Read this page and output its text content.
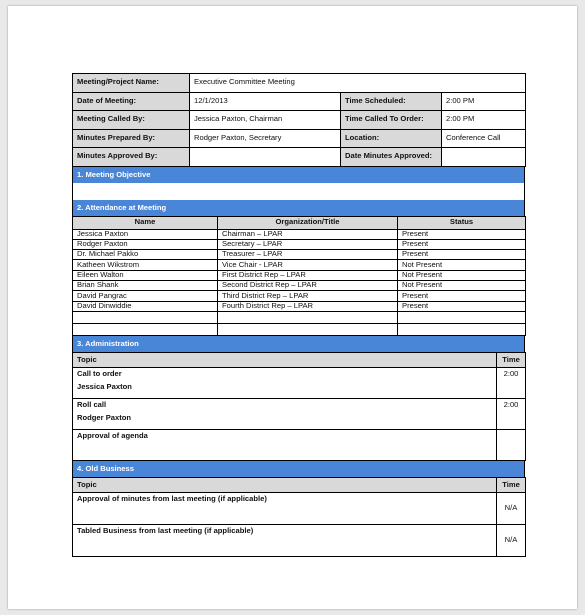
Meeting/Project Name:	Executive Committee Meeting		
Date of Meeting:	12/1/2013	Time Scheduled:	2:00 PM
Meeting Called By:	Jessica Paxton, Chairman	Time Called To Order:	2:00 PM
Minutes Prepared By:	Rodger Paxton, Secretary	Location:	Conference Call
Minutes Approved By:		Date Minutes Approved:	
1. Meeting Objective
2. Attendance at Meeting
Name	Organization/Title	Status
Jessica Paxton	Chairman – LPAR	Present
Rodger Paxton	Secretary – LPAR	Present
Dr. Michael Pakko	Treasurer – LPAR	Present
Katheen Wikstrom	Vice Chair - LPAR	Not Present
Eileen Walton	First District Rep – LPAR	Not Present
Brian Shank	Second District Rep – LPAR	Not Present
David Pangrac	Third District Rep – LPAR	Present
David Dinwiddie	Fourth District Rep – LPAR	Present

3. Administration
Topic	Time

Call to order
Jessica Paxton	2:00

Roll call
Rodger Paxton	2:00

Approval of agenda	

4. Old Business
Topic	Time
Approval of minutes from last meeting (if applicable)	N/A
Tabled Business from last meeting (if applicable)	N/A
